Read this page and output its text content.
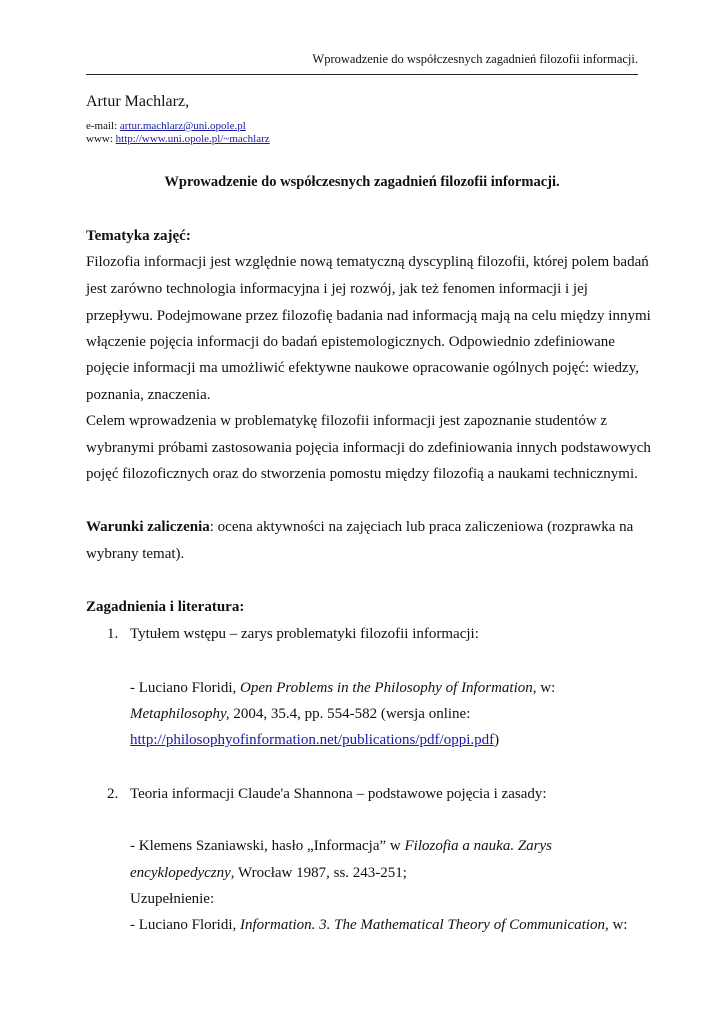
Wprowadzenie do współczesnych zagadnień filozofii informacji.
Artur Machlarz,
e-mail: artur.machlarz@uni.opole.pl
www: http://www.uni.opole.pl/~machlarz
Wprowadzenie do współczesnych zagadnień filozofii informacji.
Tematyka zajęć:
Filozofia informacji jest względnie nową tematyczną dyscypliną filozofii, której polem badań
jest zarówno technologia informacyjna i jej rozwój, jak też fenomen informacji i jej
przepływu. Podejmowane przez filozofię badania nad informacją mają na celu między innymi
włączenie pojęcia informacji do badań epistemologicznych. Odpowiednio zdefiniowane
pojęcie informacji ma umożliwić efektywne naukowe opracowanie ogólnych pojęć: wiedzy,
poznania, znaczenia.
Celem wprowadzenia w problematykę filozofii informacji jest zapoznanie studentów z
wybranymi próbami zastosowania pojęcia informacji do zdefiniowania innych podstawowych
pojęć filozoficznych oraz do stworzenia pomostu między filozofią a naukami technicznymi.
Warunki zaliczenia: ocena aktywności na zajęciach lub praca zaliczeniowa (rozprawka na
wybrany temat).
Zagadnienia i literatura:
1. Tytułem wstępu – zarys problematyki filozofii informacji:
- Luciano Floridi, Open Problems in the Philosophy of Information, w:
Metaphilosophy, 2004, 35.4, pp. 554-582 (wersja online:
http://philosophyofinformation.net/publications/pdf/oppi.pdf)
2. Teoria informacji Claude'a Shannona – podstawowe pojęcia i zasady:
- Klemens Szaniawski, hasło „Informacja” w Filozofia a nauka. Zarys
encyklopedyczny, Wrocław 1987, ss. 243-251;
Uzupełnienie:
- Luciano Floridi, Information. 3. The Mathematical Theory of Communication, w:
